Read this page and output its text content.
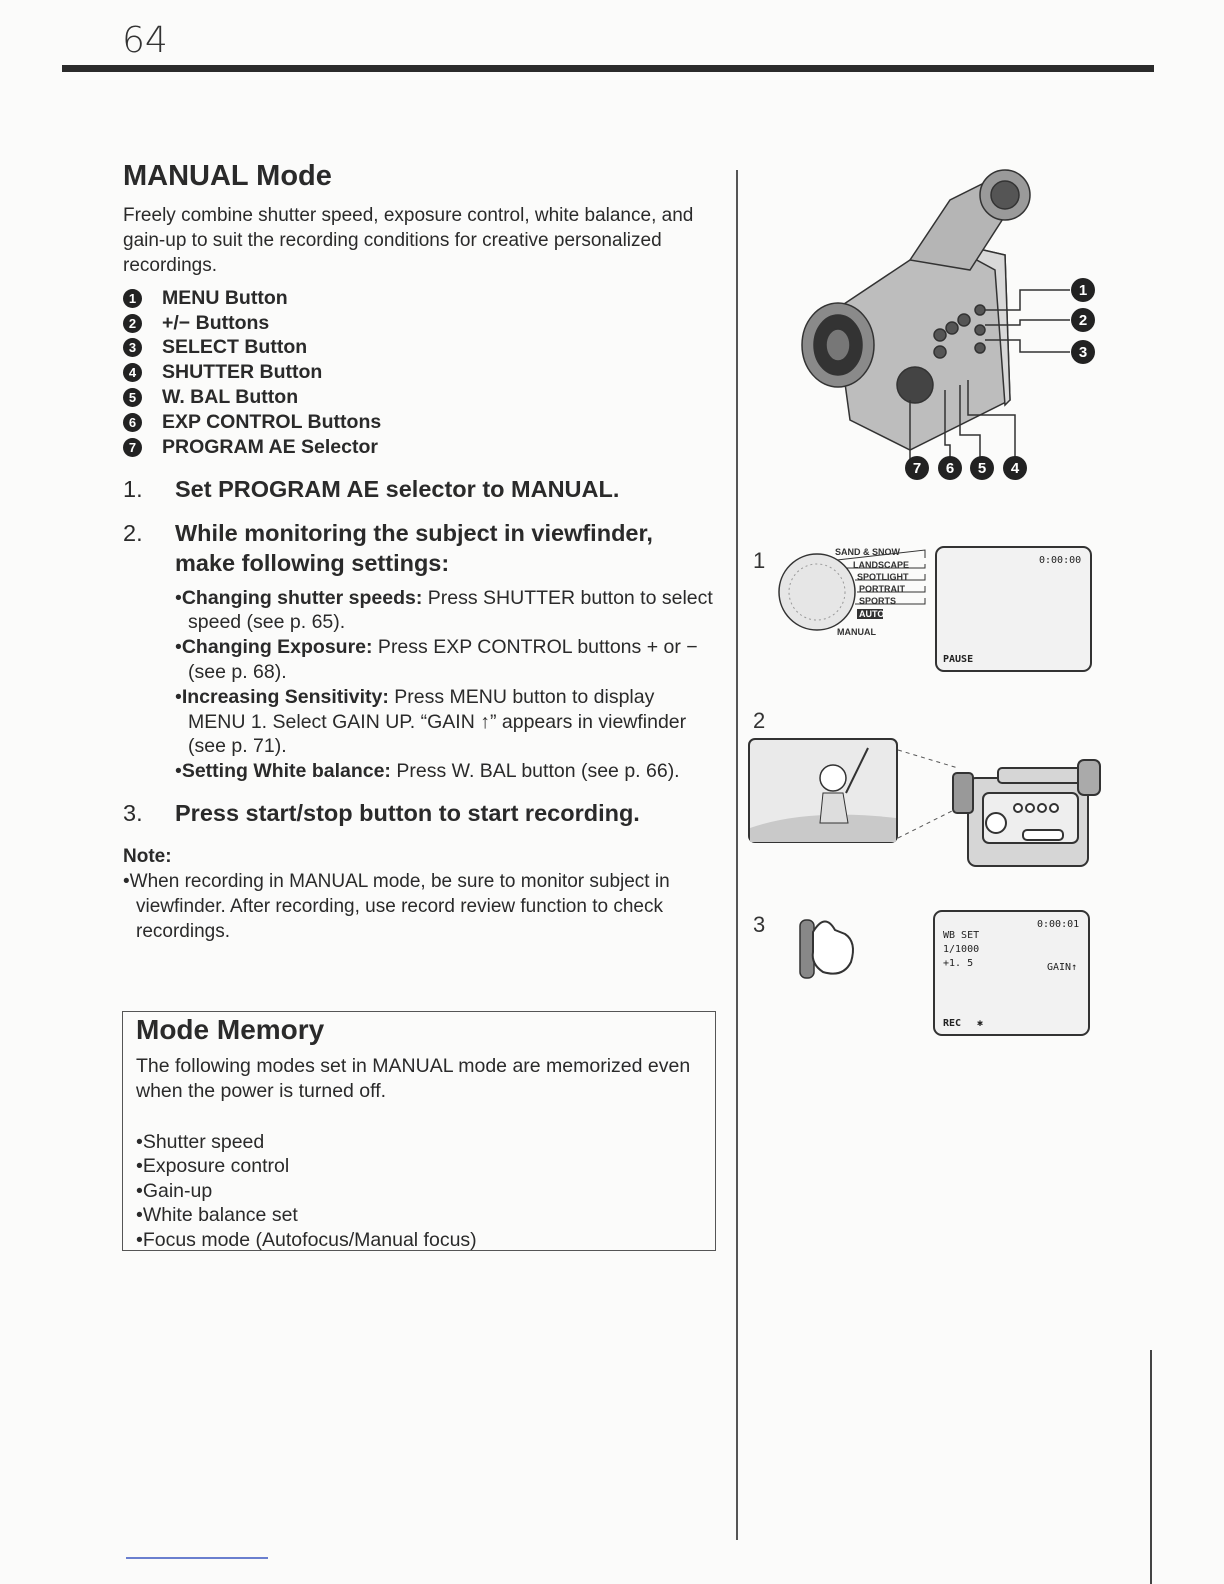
64
MANUAL Mode

Freely combine shutter speed, exposure control, white balance, and gain-up to suit the recording conditions for creative personalized recordings.

1	MENU Button
2	+/− Buttons
3	SELECT Button
4	SHUTTER Button
5	W. BAL Button
6	EXP CONTROL Buttons
7	PROGRAM AE Selector
1.	Set PROGRAM AE selector to MANUAL.
2.	While monitoring the subject in viewfinder, make following settings:
• Changing shutter speeds: Press SHUTTER button to select speed (see p. 65).
• Changing Exposure: Press EXP CONTROL buttons + or − (see p. 68).
• Increasing Sensitivity: Press MENU button to display MENU 1. Select GAIN UP. “GAIN ↑” appears in viewfinder (see p. 71).
• Setting White balance: Press W. BAL button (see p. 66).
3.	Press start/stop button to start recording.
Note:

• When recording in MANUAL mode, be sure to monitor subject in viewfinder. After recording, use record review function to check recordings.

Mode Memory

The following modes set in MANUAL mode are memorized even when the power is turned off.

• Shutter speed
• Exposure control
• Gain-up
• White balance set
• Focus mode (Autofocus/Manual focus)
1
2
3
7 6 5 4
1	SAND & SNOW
LANDSCAPE
SPOTLIGHT
PORTRAIT
SPORTS
AUTO
MANUAL
0:00:00
PAUSE
2
3	0:00:01
WB SET
1/1000
+1. 5	GAIN↑
REC ✱
